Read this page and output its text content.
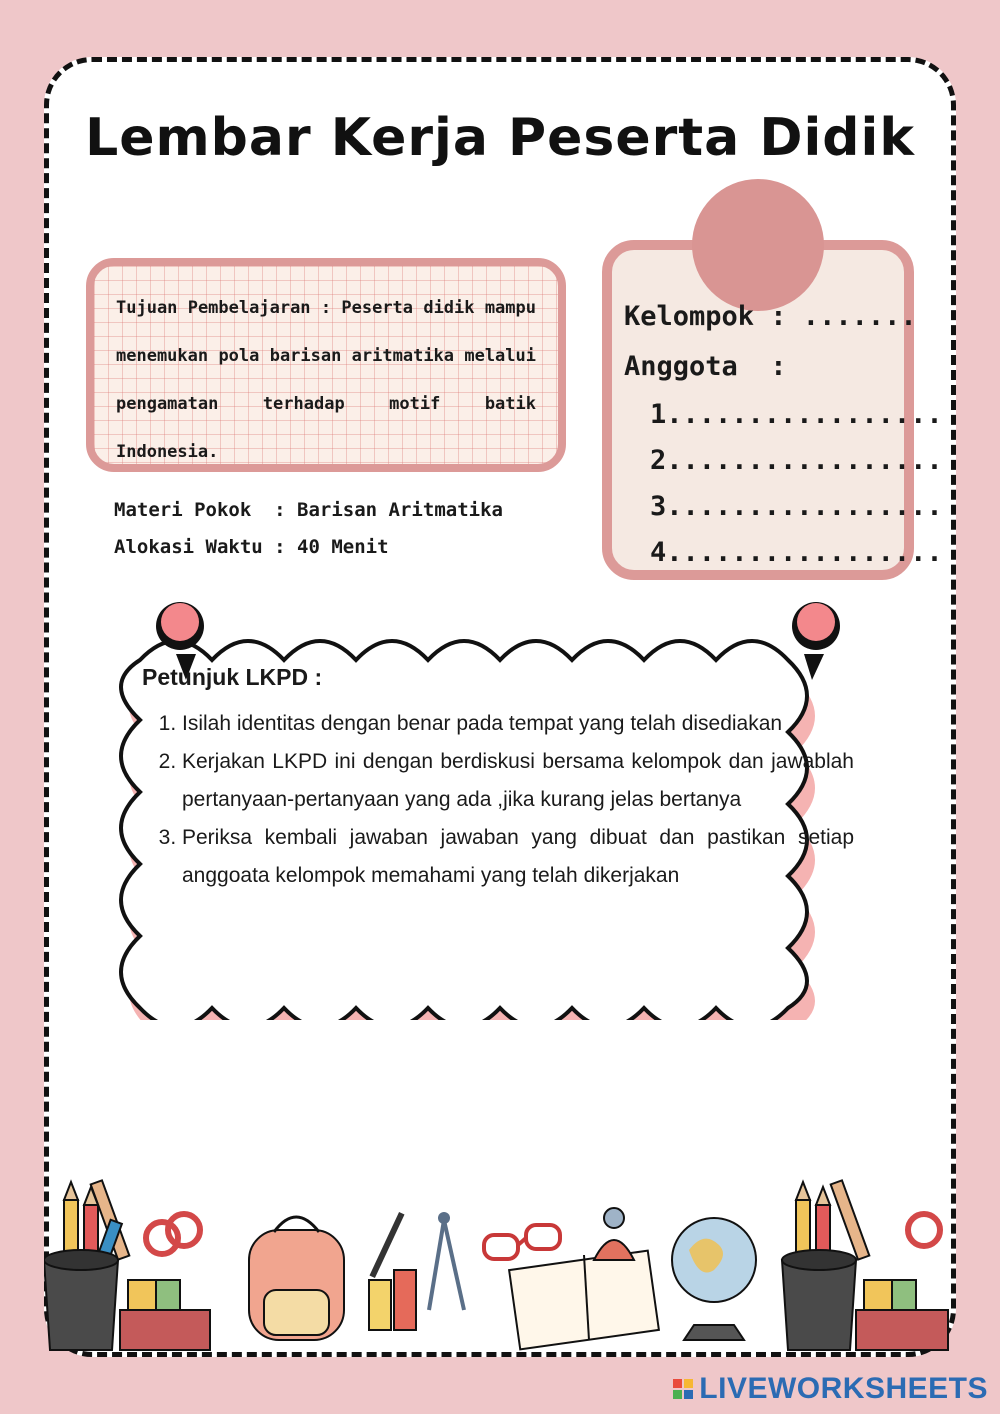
Lembar Kerja Peserta Didik

Tujuan Pembelajaran : Peserta didik mampu menemukan pola barisan aritmatika melalui pengamatan terhadap motif batik Indonesia.

Materi Pokok  :
Barisan Aritmatika
Alokasi Waktu :
40 Menit
Kelompok : .......
Anggota  :
1.................
2.................
3.................
4.................
Petunjuk LKPD :
1. Isilah identitas dengan benar pada tempat yang telah disediakan
2. Kerjakan LKPD ini dengan berdiskusi bersama kelompok dan jawablah pertanyaan-pertanyaan yang ada ,jika kurang jelas bertanya
3. Periksa kembali jawaban jawaban yang dibuat dan pastikan setiap anggoata kelompok memahami yang telah dikerjakan
LIVEWORKSHEETS
